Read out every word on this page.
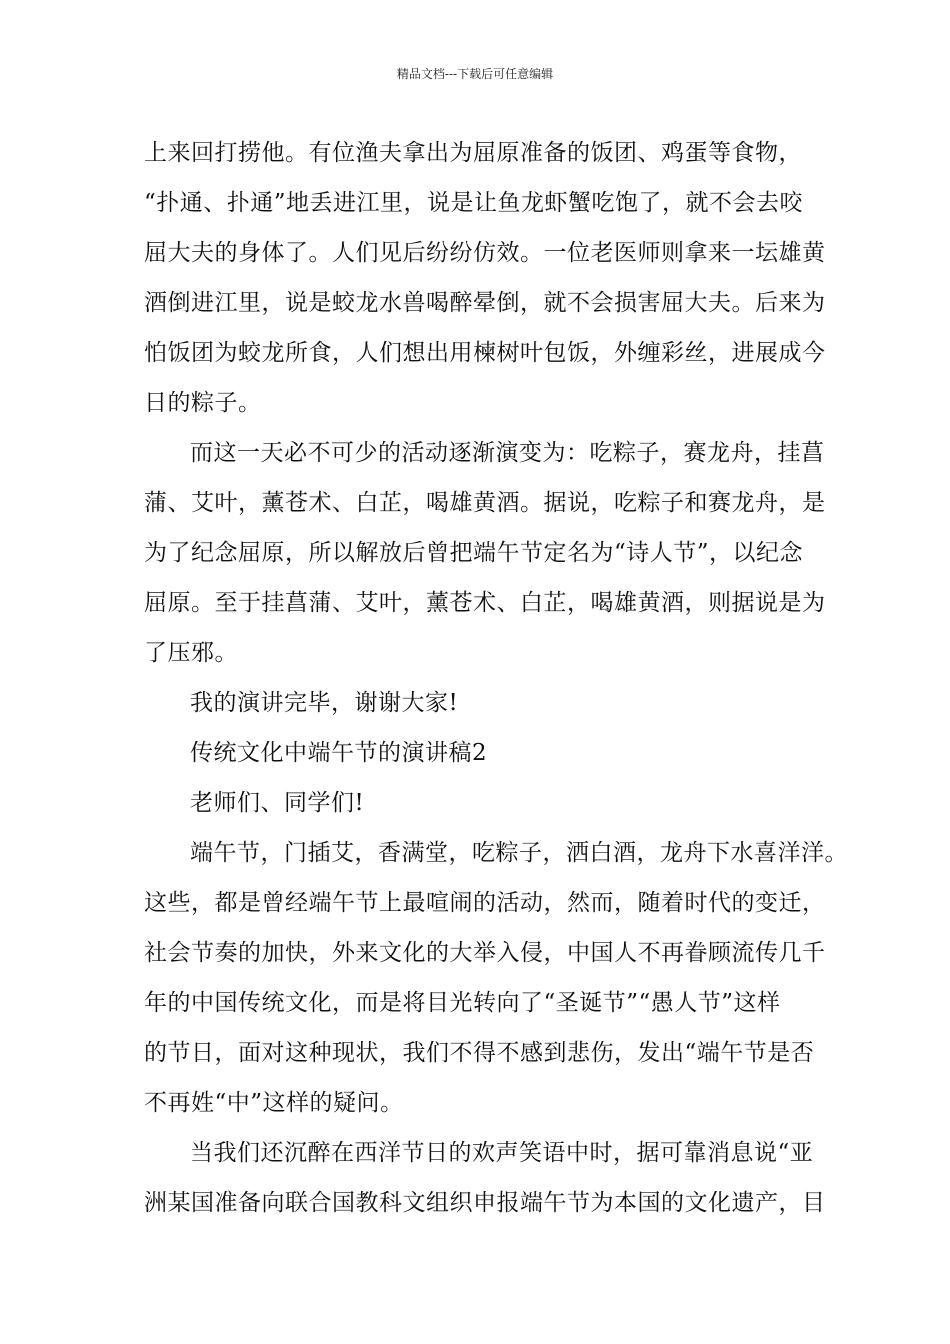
精品文档---下载后可任意编辑
上来回打捞他。有位渔夫拿出为屈原准备的饭团、鸡蛋等食物，
“扑通、扑通”地丢进江里，说是让鱼龙虾蟹吃饱了，就不会去咬
屈大夫的身体了。人们见后纷纷仿效。一位老医师则拿来一坛雄黄
酒倒进江里，说是蛟龙水兽喝醉晕倒，就不会损害屈大夫。后来为
怕饭团为蛟龙所食，人们想出用楝树叶包饭，外缠彩丝，进展成今
日的粽子。
而这一天必不可少的活动逐渐演变为：吃粽子，赛龙舟，挂菖
蒲、艾叶，薰苍术、白芷，喝雄黄酒。据说，吃粽子和赛龙舟，是
为了纪念屈原，所以解放后曾把端午节定名为“诗人节”，以纪念
屈原。至于挂菖蒲、艾叶，薰苍术、白芷，喝雄黄酒，则据说是为
了压邪。
我的演讲完毕，谢谢大家!
传统文化中端午节的演讲稿2
老师们、同学们!
端午节，门插艾，香满堂，吃粽子，洒白酒，龙舟下水喜洋洋。
这些，都是曾经端午节上最喧闹的活动，然而，随着时代的变迁，
社会节奏的加快，外来文化的大举入侵，中国人不再眷顾流传几千
年的中国传统文化，而是将目光转向了“圣诞节”“愚人节”这样
的节日，面对这种现状，我们不得不感到悲伤，发出“端午节是否
不再姓“中”这样的疑问。
当我们还沉醉在西洋节日的欢声笑语中时，据可靠消息说“亚
洲某国准备向联合国教科文组织申报端午节为本国的文化遗产，目
